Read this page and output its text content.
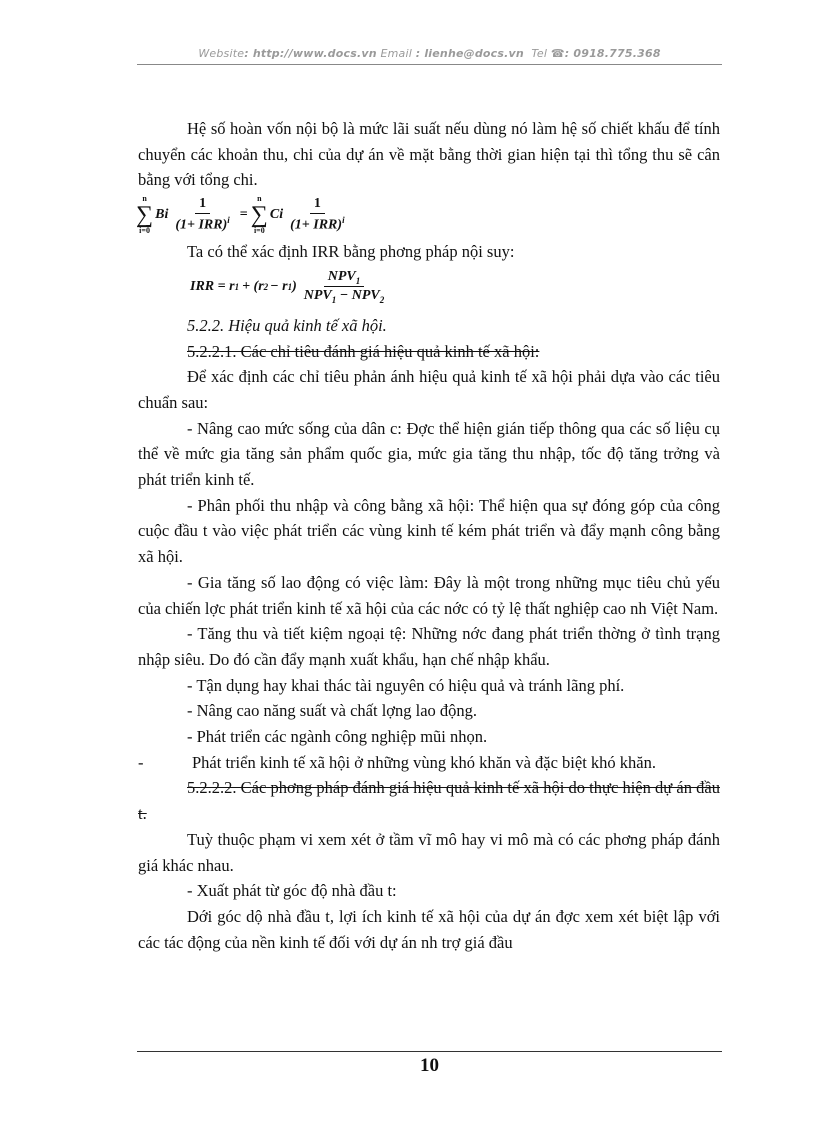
Website: http://www.docs.vn Email : lienhe@docs.vn Tel ☎: 0918.775.368

Hệ số hoàn vốn nội bộ là mức lãi suất nếu dùng nó làm hệ số chiết khấu để tính chuyển các khoản thu, chi của dự án về mặt bằng thời gian hiện tại thì tổng thu sẽ cân bằng với tổng chi.

n
∑
i=0
Bi $\frac{1}{(1+ IRR)^i}$ =
n
∑
i=0
Ci $\frac{1}{(1+ IRR)^i}$

Ta có thể xác định IRR bằng phơng pháp nội suy:

IRR = r 1 + (r 2 − r 1 ) $\frac{NPV_1}{NPV_1 - NPV_2}$

5.2.2. Hiệu quả kinh tế xã hội.

5.2.2.1. Các chỉ tiêu đánh giá hiệu quả kinh tế xã hội:

Để xác định các chỉ tiêu phản ánh hiệu quả kinh tế xã hội phải dựa vào các tiêu chuẩn sau:

- Nâng cao mức sống của dân c: Đợc thể hiện gián tiếp thông qua các số liệu cụ thể về mức gia tăng sản phẩm quốc gia, mức gia tăng thu nhập, tốc độ tăng trởng và phát triển kinh tế.

- Phân phối thu nhập và công bằng xã hội: Thể hiện qua sự đóng góp của công cuộc đầu t vào việc phát triển các vùng kinh tế kém phát triển và đẩy mạnh công bằng xã hội.

- Gia tăng số lao động có việc làm: Đây là một trong những mục tiêu chủ yếu của chiến lợc phát triển kinh tế xã hội của các nớc có tỷ lệ thất nghiệp cao nh Việt Nam.

- Tăng thu và tiết kiệm ngoại tệ: Những nớc đang phát triển thờng ở tình trạng nhập siêu. Do đó cần đẩy mạnh xuất khẩu, hạn chế nhập khẩu.

- Tận dụng hay khai thác tài nguyên có hiệu quả và tránh lãng phí.

- Nâng cao năng suất và chất lợng lao động.

- Phát triển các ngành công nghiệp mũi nhọn.

-	Phát triển kinh tế xã hội ở những vùng khó khăn và đặc biệt khó khăn.

5.2.2.2. Các phơng pháp đánh giá hiệu quả kinh tế xã hội do thực hiện dự án đầu t.

Tuỳ thuộc phạm vi xem xét ở tầm vĩ mô hay vi mô mà có các phơng pháp đánh giá khác nhau.

- Xuất phát từ góc độ nhà đầu t:

Dới góc dộ nhà đầu t, lợi ích kinh tế xã hội của dự án đợc xem xét biệt lập với các tác động của nền kinh tế đối với dự án nh trợ giá đầu

10
